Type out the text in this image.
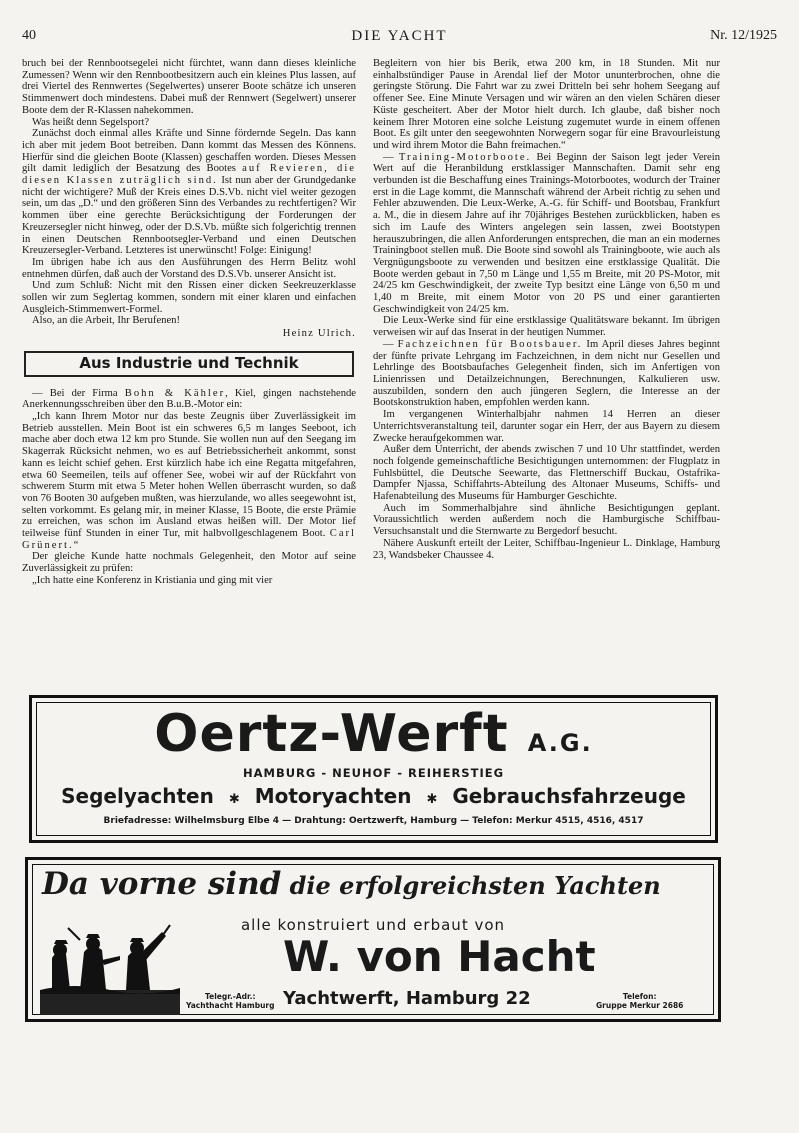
40	DIE YACHT	Nr. 12/1925

bruch bei der Rennbootsegelei nicht fürchtet, wann dann dieses kleinliche Zumessen? Wenn wir den Rennbootbesitzern auch ein kleines Plus lassen, auf drei Viertel des Rennwertes (Segelwertes) unserer Boote schätze ich unseren Stimmenwert doch mindestens. Dabei muß der Rennwert (Segelwert) unserer Boote dem der R-Klassen nahekommen.

Was heißt denn Segelsport?

Zunächst doch einmal alles Kräfte und Sinne fördernde Segeln. Das kann ich aber mit jedem Boot betreiben. Dann kommt das Messen des Könnens. Hierfür sind die gleichen Boote (Klassen) geschaffen worden. Dieses Messen gilt damit lediglich der Besatzung des Bootes auf Revieren, die diesen Klassen zuträglich sind. Ist nun aber der Grundgedanke nicht der wichtigere? Muß der Kreis eines D.S.Vb. nicht viel weiter gezogen sein, um das „D.“ und den größeren Sinn des Verbandes zu rechtfertigen? Wir kommen über eine gerechte Berücksichtigung der Forderungen der Kreuzersegler nicht hinweg, oder der D.S.Vb. müßte sich folgerichtig trennen in einen Deutschen Rennbootsegler-Verband und einen Deutschen Kreuzersegler-Verband. Letzteres ist unerwünscht! Folge: Einigung!

Im übrigen habe ich aus den Ausführungen des Herrn Belitz wohl entnehmen dürfen, daß auch der Vorstand des D.S.Vb. unserer Ansicht ist.

Und zum Schluß: Nicht mit den Rissen einer dicken Seekreuzerklasse sollen wir zum Seglertag kommen, sondern mit einer klaren und einfachen Ausgleich-Stimmenwert-Formel.

Also, an die Arbeit, Ihr Berufenen!

Heinz Ulrich.
Aus Industrie und Technik

— Bei der Firma Bohn & Kähler, Kiel, gingen nachstehende Anerkennungsschreiben über den B.u.B.-Motor ein:

„Ich kann Ihrem Motor nur das beste Zeugnis über Zuverlässigkeit im Betrieb ausstellen. Mein Boot ist ein schweres 6,5 m langes Seeboot, ich mache aber doch etwa 12 km pro Stunde. Sie wollen nun auf den Seegang im Skagerrak Rücksicht nehmen, wo es auf Betriebssicherheit ankommt, sonst kann es leicht schief gehen. Erst kürzlich habe ich eine Regatta mitgefahren, etwa 60 Seemeilen, teils auf offener See, wobei wir auf der Rückfahrt von schwerem Sturm mit etwa 5 Meter hohen Wellen überrascht wurden, so daß von 76 Booten 30 aufgeben mußten, was hierzulande, wo alles seegewohnt ist, selten vorkommt. Es gelang mir, in meiner Klasse, 15 Boote, die erste Prämie zu erreichen, was schon im Ausland etwas heißen will. Der Motor lief teilweise fünf Stunden in einer Tur, mit halbvollgeschlagenem Boot. Carl Grünert.“

Der gleiche Kunde hatte nochmals Gelegenheit, den Motor auf seine Zuverlässigkeit zu prüfen:

„Ich hatte eine Konferenz in Kristiania und ging mit vier

Begleitern von hier bis Berik, etwa 200 km, in 18 Stunden. Mit nur einhalbstündiger Pause in Arendal lief der Motor ununterbrochen, ohne die geringste Störung. Die Fahrt war zu zwei Dritteln bei sehr hohem Seegang auf offener See. Eine Minute Versagen und wir wären an den vielen Schären dieser Küste gescheitert. Aber der Motor hielt durch. Ich glaube, daß bisher noch keinem Ihrer Motoren eine solche Leistung zugemutet wurde in einem offenen Boot. Es gilt unter den seegewohnten Norwegern sogar für eine Bravourleistung und wird ihrem Motor die Bahn freimachen.“

— Training-Motorboote. Bei Beginn der Saison legt jeder Verein Wert auf die Heranbildung erstklassiger Mannschaften. Damit sehr eng verbunden ist die Beschaffung eines Trainings-Motorbootes, wodurch der Trainer erst in die Lage kommt, die Mannschaft während der Arbeit richtig zu sehen und Fehler abzuwenden. Die Leux-Werke, A.-G. für Schiff- und Bootsbau, Frankfurt a. M., die in diesem Jahre auf ihr 70jähriges Bestehen zurückblicken, haben es sich im Laufe des Winters angelegen sein lassen, zwei Bootstypen herauszubringen, die allen Anforderungen entsprechen, die man an ein modernes Trainingboot stellen muß. Die Boote sind sowohl als Trainingboote, wie auch als Vergnügungsboote zu verwenden und besitzen eine erstklassige Qualität. Die Boote werden gebaut in 7,50 m Länge und 1,55 m Breite, mit 20 PS-Motor, mit 24/25 km Geschwindigkeit, der zweite Typ besitzt eine Länge von 6,50 m und 1,40 m Breite, mit einem Motor von 20 PS und einer garantierten Geschwindigkeit von 24/25 km.

Die Leux-Werke sind für eine erstklassige Qualitätsware bekannt. Im übrigen verweisen wir auf das Inserat in der heutigen Nummer.

— Fachzeichnen für Bootsbauer. Im April dieses Jahres beginnt der fünfte private Lehrgang im Fachzeichnen, in dem nicht nur Gesellen und Lehrlinge des Bootsbaufaches Gelegenheit finden, sich im Anfertigen von Linienrissen und Detailzeichnungen, Berechnungen, Kalkulieren usw. auszubilden, sondern den auch jüngeren Seglern, die Interesse an der Bootskonstruktion haben, empfohlen werden kann.

Im vergangenen Winterhalbjahr nahmen 14 Herren an dieser Unterrichtsveranstaltung teil, darunter sogar ein Herr, der aus Bayern zu diesem Zwecke heraufgekommen war.

Außer dem Unterricht, der abends zwischen 7 und 10 Uhr stattfindet, werden noch folgende gemeinschaftliche Besichtigungen unternommen: der Flugplatz in Fuhlsbüttel, die Deutsche Seewarte, das Flettnerschiff Buckau, Ostafrika-Dampfer Njassa, Schiffahrts-Abteilung des Altonaer Museums, Schiffs- und Hafenabteilung des Museums für Hamburger Geschichte.

Auch im Sommerhalbjahre sind ähnliche Besichtigungen geplant. Voraussichtlich werden außerdem noch die Hamburgische Schiffbau-Versuchsanstalt und die Sternwarte zu Bergedorf besucht.

Nähere Auskunft erteilt der Leiter, Schiffbau-Ingenieur L. Dinklage, Hamburg 23, Wandsbeker Chaussee 4.

Oertz-Werft A.G.
HAMBURG - NEUHOF - REIHERSTIEG
Segelyachten ✱ Motoryachten ✱ Gebrauchsfahrzeuge
Briefadresse: Wilhelmsburg Elbe 4 — Drahtung: Oertzwerft, Hamburg — Telefon: Merkur 4515, 4516, 4517
Da vorne sind die erfolgreichsten Yachten
alle konstruiert und erbaut von
W. von Hacht
Telegr.-Adr.:
Yachthacht Hamburg Yachtwerft, Hamburg 22	Telefon:
Gruppe Merkur 2686
